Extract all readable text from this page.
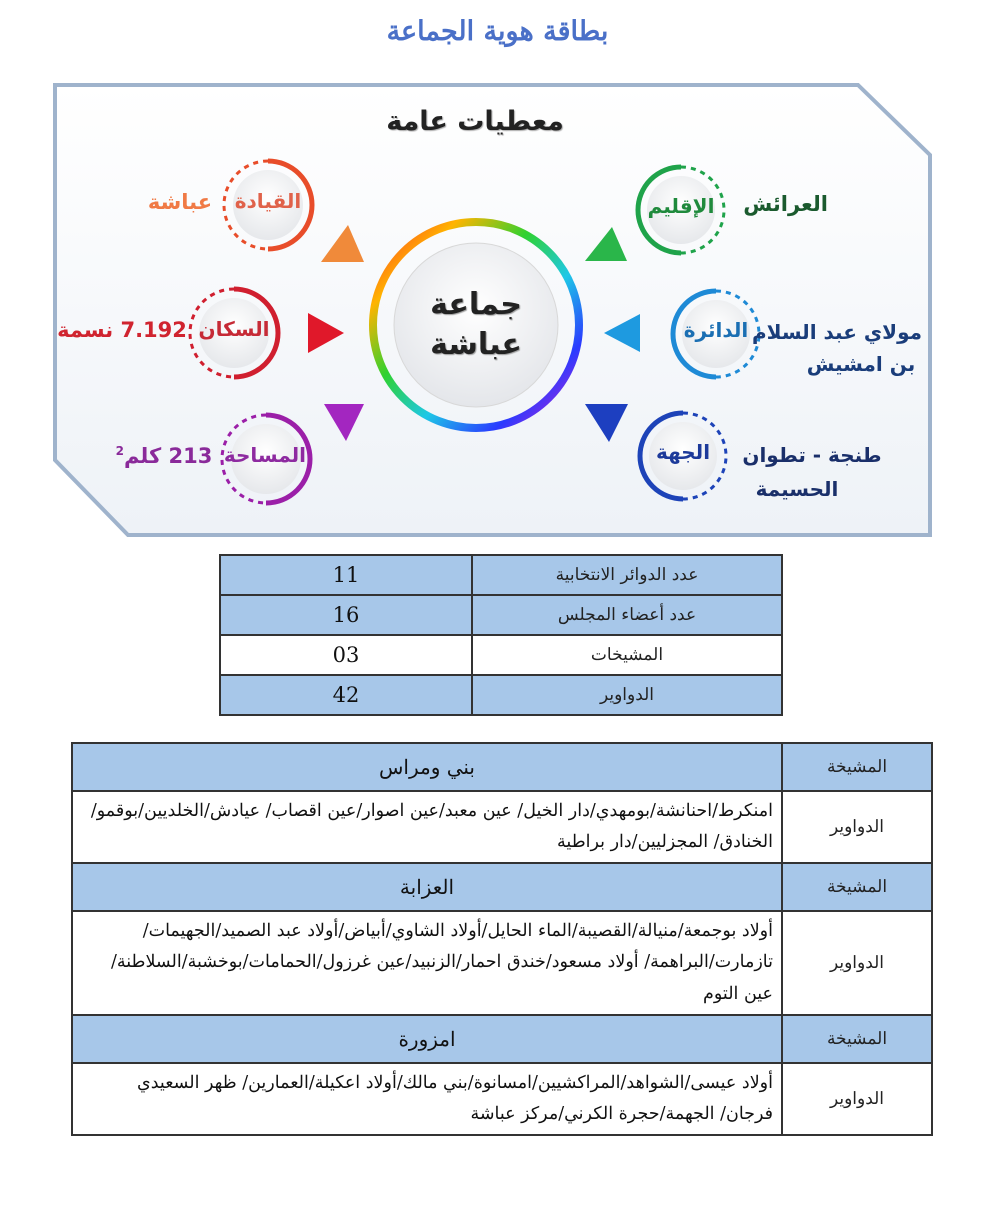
بطاقة هوية الجماعة
معطيات عامة
جماعة
عباشة
الإقليم
الدائرة
الجهة
القيادة
السكان
المساحة
العرائش
مولاي عبد السلام
بن امشيش
طنجة - تطوان
الحسيمة
عباشة
7.192 نسمة
213 كلم$^2$
عدد الدوائر الانتخابية	11
عدد أعضاء المجلس	16
المشيخات	03
الدواوير	42
المشيخة	بني ومراس
الدواوير	امنكرط/احنانشة/بومهدي/دار الخيل/ عين معبد/عين اصوار/عين اقصاب/ عيادش/الخلديين/بوقمو/الخنادق/ المجزليين/دار براطية
المشيخة	العزابة
الدواوير	أولاد بوجمعة/منيالة/القصيبة/الماء الحايل/أولاد الشاوي/أبياض/أولاد عبد الصميد/الجهيمات/تازمارت/البراهمة/ أولاد مسعود/خندق احمار/الزنبيد/عين غرزول/الحمامات/بوخشبة/السلاطنة/عين التوم
المشيخة	امزورة
الدواوير	أولاد عيسى/الشواهد/المراكشيين/امسانوة/بني مالك/أولاد اعكيلة/العمارين/ ظهر السعيدي فرجان/ الجهمة/حجرة الكرني/مركز عباشة
